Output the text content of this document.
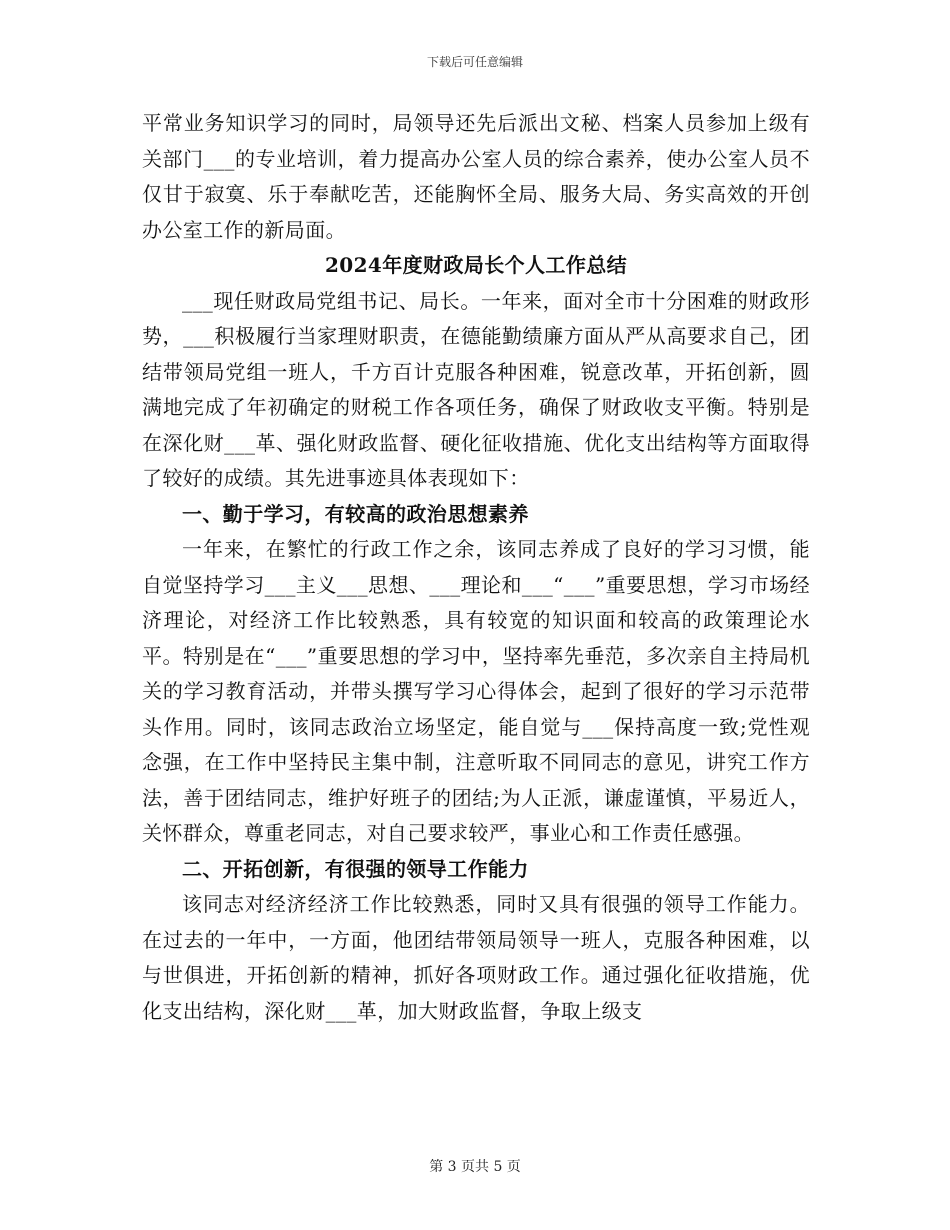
下载后可任意编辑

平常业务知识学习的同时，局领导还先后派出文秘、档案人员参加上级有关部门___的专业培训，着力提高办公室人员的综合素养，使办公室人员不仅甘于寂寞、乐于奉献吃苦，还能胸怀全局、服务大局、务实高效的开创办公室工作的新局面。

2024年度财政局长个人工作总结

___现任财政局党组书记、局长。一年来，面对全市十分困难的财政形势，___积极履行当家理财职责，在德能勤绩廉方面从严从高要求自己，团结带领局党组一班人，千方百计克服各种困难，锐意改革，开拓创新，圆满地完成了年初确定的财税工作各项任务，确保了财政收支平衡。特别是在深化财___革、强化财政监督、硬化征收措施、优化支出结构等方面取得了较好的成绩。其先进事迹具体表现如下：

一、勤于学习，有较高的政治思想素养

一年来，在繁忙的行政工作之余，该同志养成了良好的学习习惯，能自觉坚持学习___主义___思想、___理论和___“___”重要思想，学习市场经济理论，对经济工作比较熟悉，具有较宽的知识面和较高的政策理论水平。特别是在“___”重要思想的学习中，坚持率先垂范，多次亲自主持局机关的学习教育活动，并带头撰写学习心得体会，起到了很好的学习示范带头作用。同时，该同志政治立场坚定，能自觉与___保持高度一致;党性观念强，在工作中坚持民主集中制，注意听取不同同志的意见，讲究工作方法，善于团结同志，维护好班子的团结;为人正派，谦虚谨慎，平易近人，关怀群众，尊重老同志，对自己要求较严，事业心和工作责任感强。

二、开拓创新，有很强的领导工作能力

该同志对经济经济工作比较熟悉，同时又具有很强的领导工作能力。在过去的一年中，一方面，他团结带领局领导一班人，克服各种困难，以与世俱进，开拓创新的精神，抓好各项财政工作。通过强化征收措施，优化支出结构，深化财___革，加大财政监督，争取上级支

第 3 页共 5 页
